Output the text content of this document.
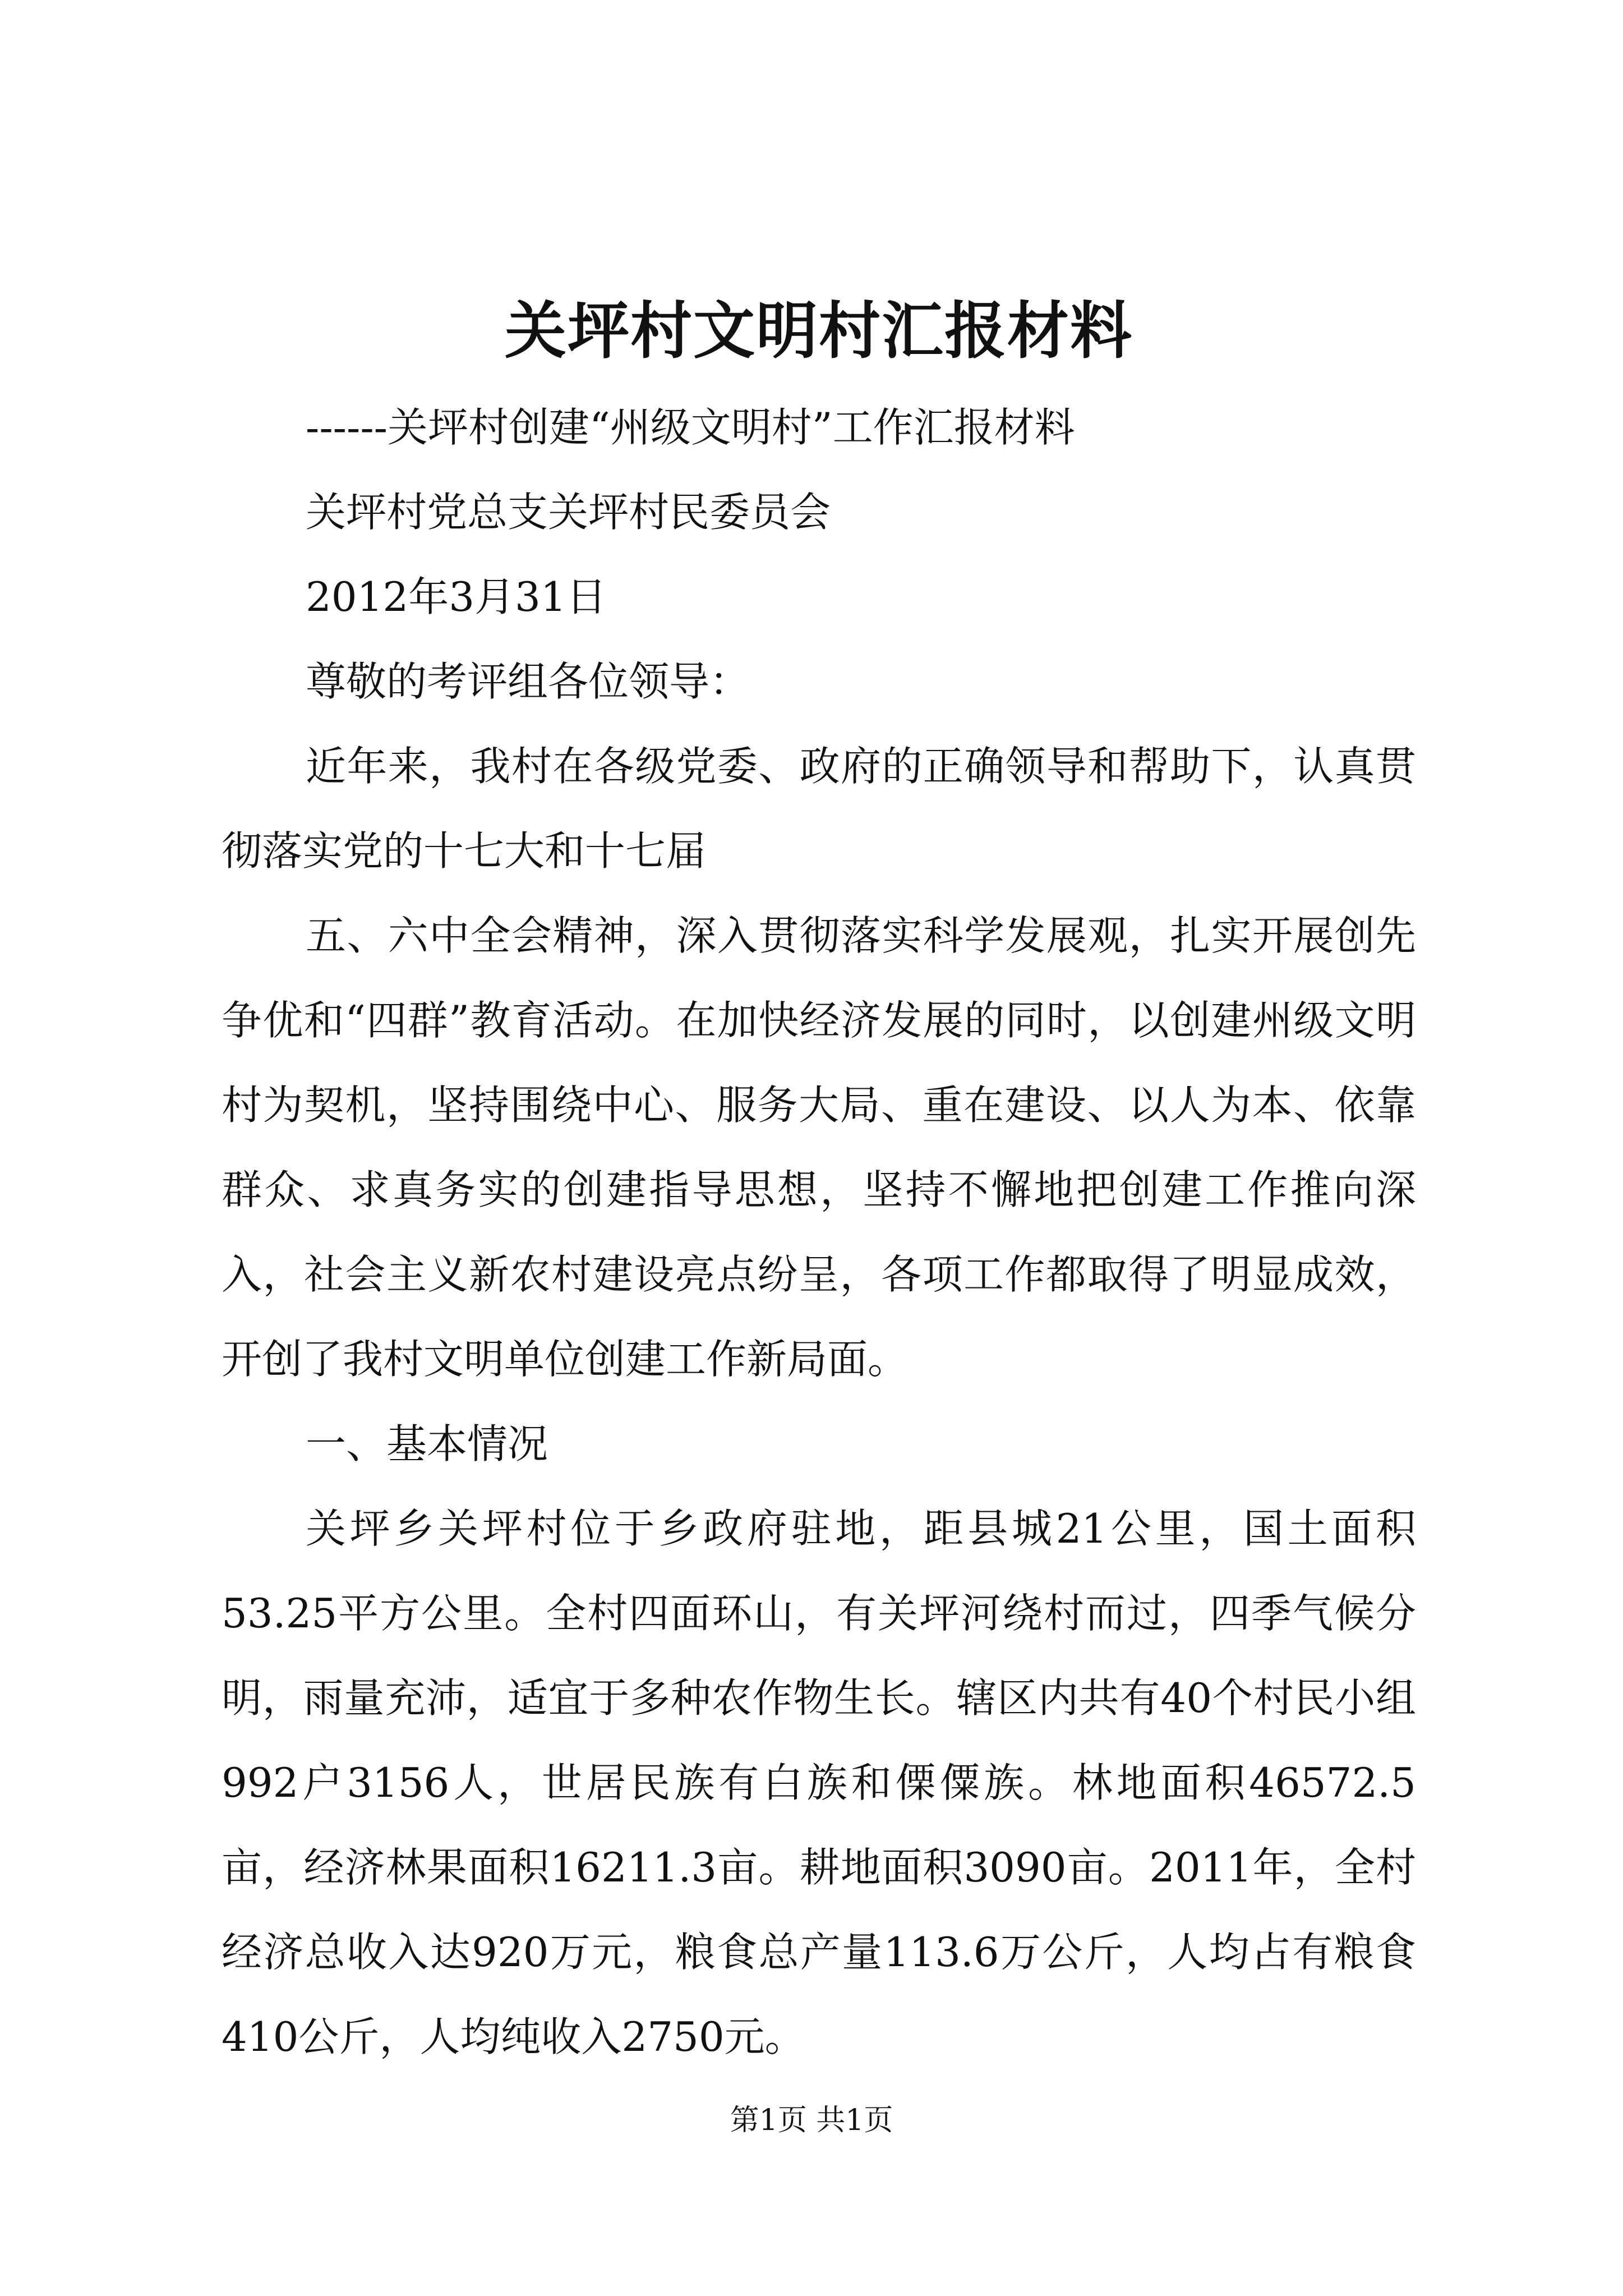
关坪村文明村汇报材料

------关坪村创建“州级文明村”工作汇报材料

关坪村党总支关坪村民委员会

2012年3月31日

尊敬的考评组各位领导：

近年来，我村在各级党委、政府的正确领导和帮助下，认真贯彻落实党的十七大和十七届

五、六中全会精神，深入贯彻落实科学发展观，扎实开展创先争优和“四群”教育活动。在加快经济发展的同时，以创建州级文明村为契机，坚持围绕中心、服务大局、重在建设、以人为本、依靠群众、求真务实的创建指导思想，坚持不懈地把创建工作推向深入，社会主义新农村建设亮点纷呈，各项工作都取得了明显成效，开创了我村文明单位创建工作新局面。

一、基本情况

关坪乡关坪村位于乡政府驻地，距县城21公里，国土面积53.25平方公里。全村四面环山，有关坪河绕村而过，四季气候分明，雨量充沛，适宜于多种农作物生长。辖区内共有40个村民小组992户3156人，世居民族有白族和傈僳族。林地面积46572.5亩，经济林果面积16211.3亩。耕地面积3090亩。2011年，全村经济总收入达920万元，粮食总产量113.6万公斤，人均占有粮食410公斤，人均纯收入2750元。

第1页 共1页
